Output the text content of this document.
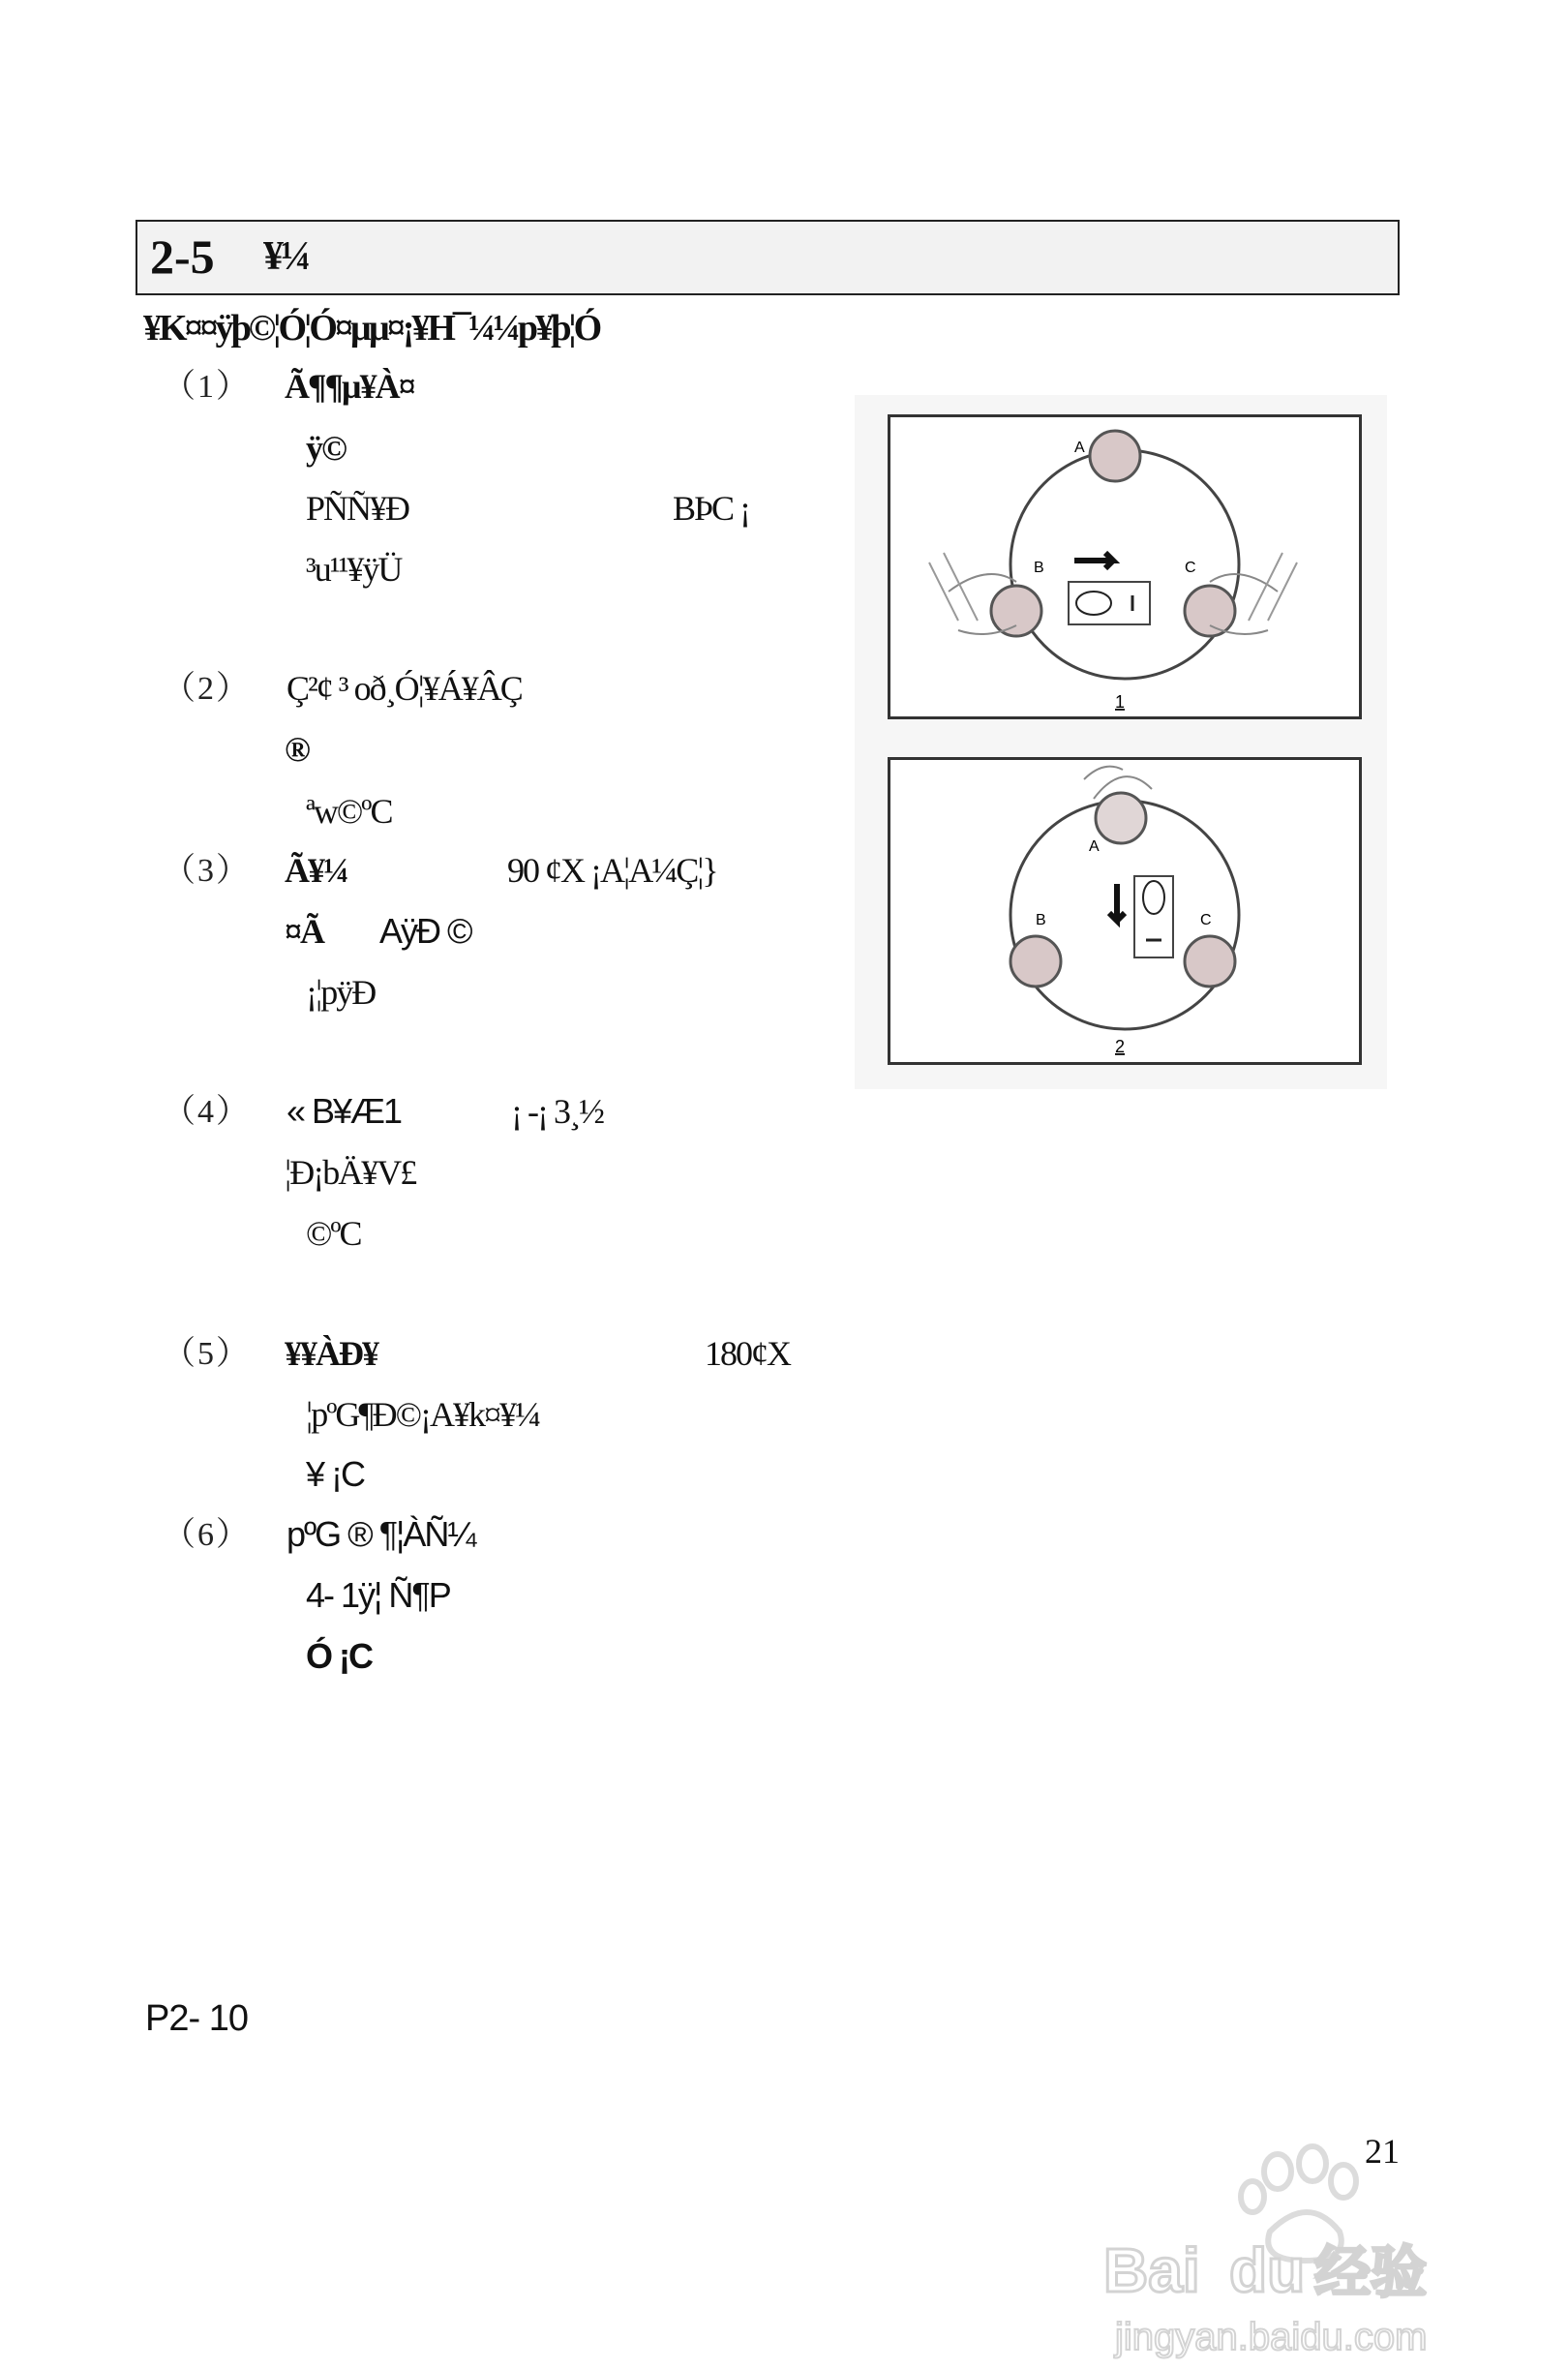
2-5 ¥¼
¥K¤¤ÿþ©¦Ó¦Ó¤µµ¤¡¥H¯¼¼p¥þ¦Ó
（1） Ã¶¶µ¥À¤
ÿ©
PÑÑ¥Ð	BÞC ¡
³u¹¹¥ÿÜ
（2） Ç²¢ ³ oð¸Ó¦¥Á¥ÂÇ
®
ªw©ºC
（3） Ã¥¼	90 ¢X ¡A¦A¼Ç¦}
¤Ã AÿÐ ©
¡¦pÿÐ
（4） « B¥Æ1	¡ -¡ 3¸½
¦Ð¡bÄ¥V£
©ºC
（5） ¥¥ÀÐ¥	180¢X
¦pºG¶Ð©¡A¥k¤¥¼
¥ ¡C
（6） pºG ® ¶¦ÀÑ¼
4- 1ÿ¦ Ñ¶P
Ó ¡C
A
B	C
1
A
B	C
2
P2- 10
21
Bai du 经验
jingyan.baidu.com
